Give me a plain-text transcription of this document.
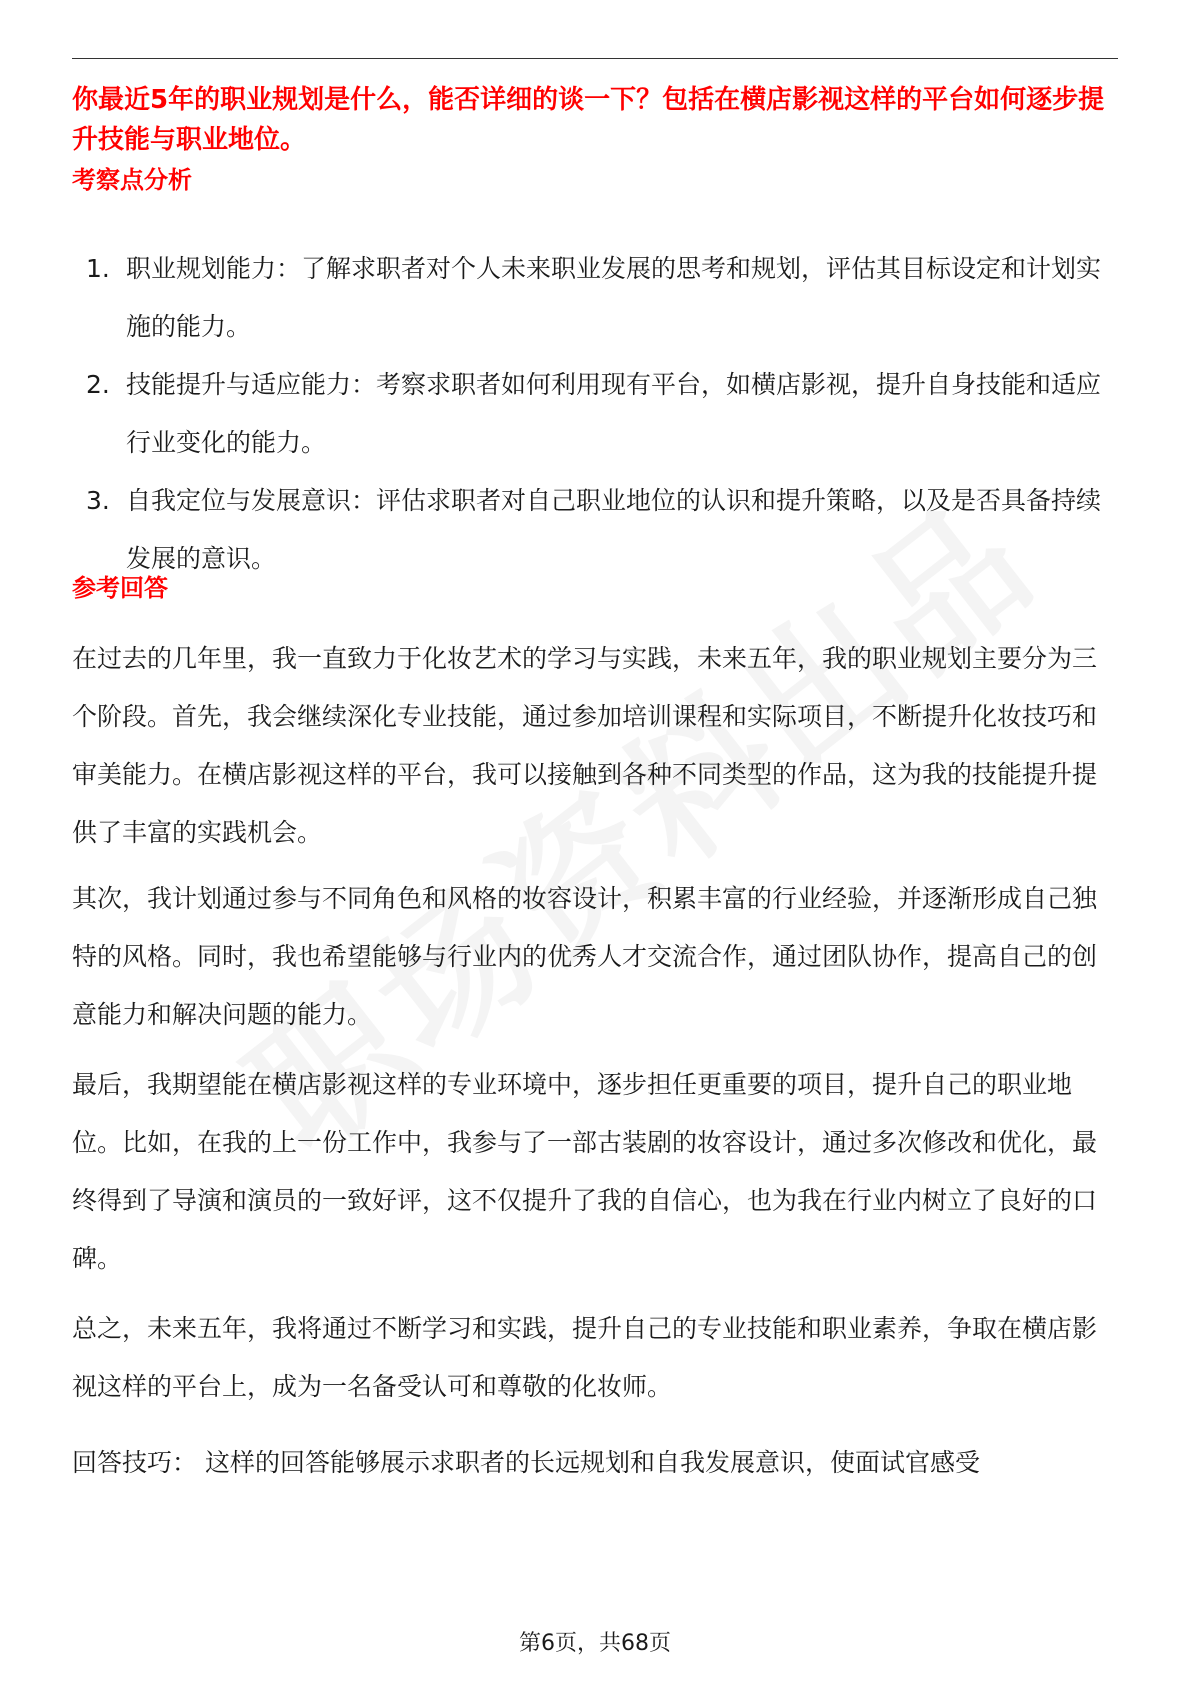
你最近5年的职业规划是什么，能否详细的谈一下？包括在横店影视这样的平台如何逐步提升技能与职业地位。

考察点分析

1. 职业规划能力：了解求职者对个人未来职业发展的思考和规划，评估其目标设定和计划实施的能力。
2. 技能提升与适应能力：考察求职者如何利用现有平台，如横店影视，提升自身技能和适应行业变化的能力。
3. 自我定位与发展意识：评估求职者对自己职业地位的认识和提升策略，以及是否具备持续发展的意识。

参考回答

在过去的几年里，我一直致力于化妆艺术的学习与实践，未来五年，我的职业规划主要分为三个阶段。首先，我会继续深化专业技能，通过参加培训课程和实际项目，不断提升化妆技巧和审美能力。在横店影视这样的平台，我可以接触到各种不同类型的作品，这为我的技能提升提供了丰富的实践机会。

其次，我计划通过参与不同角色和风格的妆容设计，积累丰富的行业经验，并逐渐形成自己独特的风格。同时，我也希望能够与行业内的优秀人才交流合作，通过团队协作，提高自己的创意能力和解决问题的能力。

最后，我期望能在横店影视这样的专业环境中，逐步担任更重要的项目，提升自己的职业地位。比如，在我的上一份工作中，我参与了一部古装剧的妆容设计，通过多次修改和优化，最终得到了导演和演员的一致好评，这不仅提升了我的自信心，也为我在行业内树立了良好的口碑。

总之，未来五年，我将通过不断学习和实践，提升自己的专业技能和职业素养，争取在横店影视这样的平台上，成为一名备受认可和尊敬的化妆师。

回答技巧： 这样的回答能够展示求职者的长远规划和自我发展意识，使面试官感受

第6页，共68页
